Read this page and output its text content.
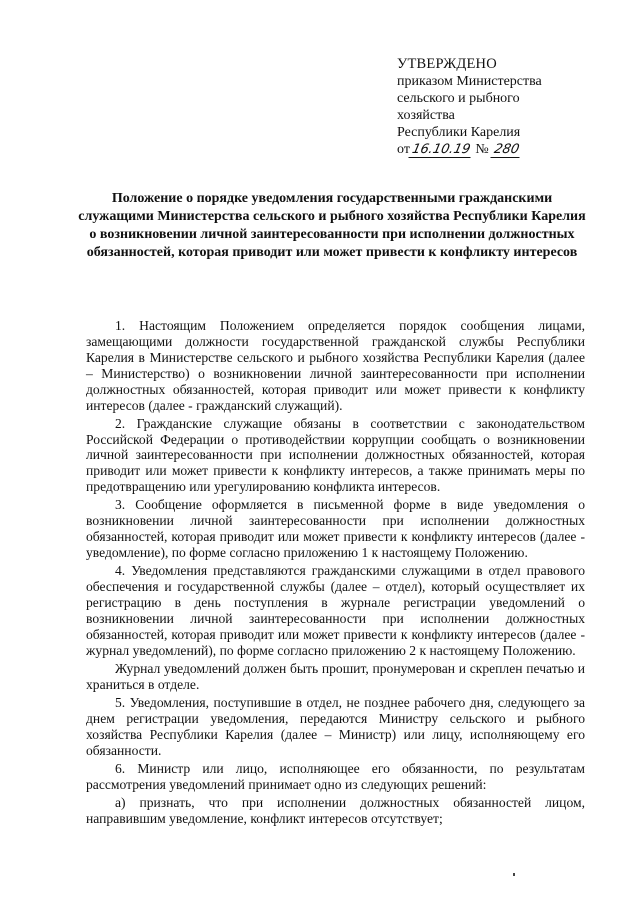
УТВЕРЖДЕНО
приказом Министерства
сельского и рыбного
хозяйства
Республики Карелия
от16.10.19 № 280
Положение о порядке уведомления государственными гражданскими служащими Министерства сельского и рыбного хозяйства Республики Карелия о возникновении личной заинтересованности при исполнении должностных обязанностей, которая приводит или может привести к конфликту интересов

1. Настоящим Положением определяется порядок сообщения лицами, замещающими должности государственной гражданской службы Республики Карелия в Министерстве сельского и рыбного хозяйства Республики Карелия (далее – Министерство) о возникновении личной заинтересованности при исполнении должностных обязанностей, которая приводит или может привести к конфликту интересов (далее - гражданский служащий).

2. Гражданские служащие обязаны в соответствии с законодательством Российской Федерации о противодействии коррупции сообщать о возникновении личной заинтересованности при исполнении должностных обязанностей, которая приводит или может привести к конфликту интересов, а также принимать меры по предотвращению или урегулированию конфликта интересов.

3. Сообщение оформляется в письменной форме в виде уведомления о возникновении личной заинтересованности при исполнении должностных обязанностей, которая приводит или может привести к конфликту интересов (далее - уведомление), по форме согласно приложению 1 к настоящему Положению.

4. Уведомления представляются гражданскими служащими в отдел правового обеспечения и государственной службы (далее – отдел), который осуществляет их регистрацию в день поступления в журнале регистрации уведомлений о возникновении личной заинтересованности при исполнении должностных обязанностей, которая приводит или может привести к конфликту интересов (далее - журнал уведомлений), по форме согласно приложению 2 к настоящему Положению.

Журнал уведомлений должен быть прошит, пронумерован и скреплен печатью и храниться в отделе.

5. Уведомления, поступившие в отдел, не позднее рабочего дня, следующего за днем регистрации уведомления, передаются Министру сельского и рыбного хозяйства Республики Карелия (далее – Министр) или лицу, исполняющему его обязанности.

6. Министр или лицо, исполняющее его обязанности, по результатам рассмотрения уведомлений принимает одно из следующих решений:

а) признать, что при исполнении должностных обязанностей лицом, направившим уведомление, конфликт интересов отсутствует;
